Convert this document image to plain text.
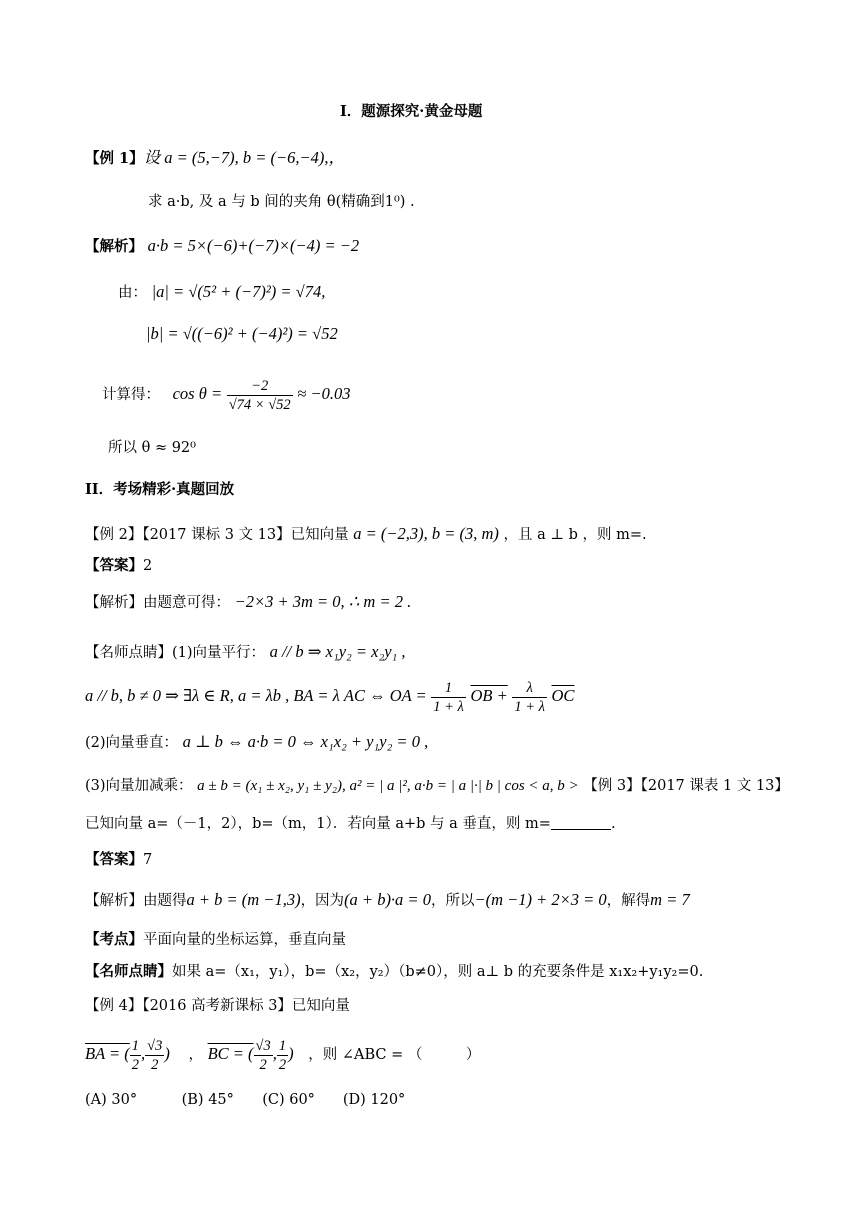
I．题源探究·黄金母题
【例 1】设 a = (5,−7), b = (−6,−4),，
求 a·b, 及 a 与 b 间的夹角 θ(精确到1⁰) .
【解析】 a·b = 5×(−6)+(−7)×(−4) = −2
由： |a| = √(5² + (−7)²) = √74,
|b| = √((−6)² + (−4)²) = √52
计算得： $\cos \theta = \frac{-2}{√74 \times √52} \approx -0.03$
所以 θ ≈ 92⁰
II．考场精彩·真题回放
【例 2】【2017 课标 3 文 13】已知向量 a = (−2,3), b = (3, m) ，且 a ⊥ b ，则 m=.
【答案】2
【解析】由题意可得： −2×3 + 3m = 0, ∴ m = 2 .
【名师点睛】(1)向量平行： a // b ⇒ x₁y₂ = x₂y₁ ,
a // b, b ≠ 0 ⇒ ∃λ ∈ R, a = λb , BA = λ AC ⇔ OA = $\frac{1}{1 + \lambda}$ OB + $\frac{\lambda}{1 + \lambda} \overline{OC}$
(2)向量垂直： a ⊥ b ⇔ a·b = 0 ⇔ x₁x₂ + y₁y₂ = 0 ,
(3)向量加减乘： a ± b = (x₁ ± x₂, y₁ ± y₂), a² = | a |², a·b = | a |·| b | cos < a, b > 【例 3】【2017 课表 1 文 13】
已知向量 a=（－1，2），b=（m，1）．若向量 a+b 与 a 垂直，则 m=	.
【答案】7
【解析】由题得a + b = (m −1,3)，因为(a + b)·a = 0，所以−(m −1) + 2×3 = 0，解得m = 7
【考点】平面向量的坐标运算，垂直向量
【名师点睛】如果 a=（x₁，y₁），b=（x₂，y₂）（b≠0），则 a⊥ b 的充要条件是 x₁x₂+y₁y₂=0.
【例 4】【2016 高考新课标 3】已知向量
BA = ( $\frac{1}{2}$ , $\frac{√3}{2}$ ) ， BC = ( $\frac{√3}{2}$ , $\frac{1}{2}$ ) ，则 ∠ABC = （　　　）
(A) 30°	(B) 45° (C) 60° (D) 120°
